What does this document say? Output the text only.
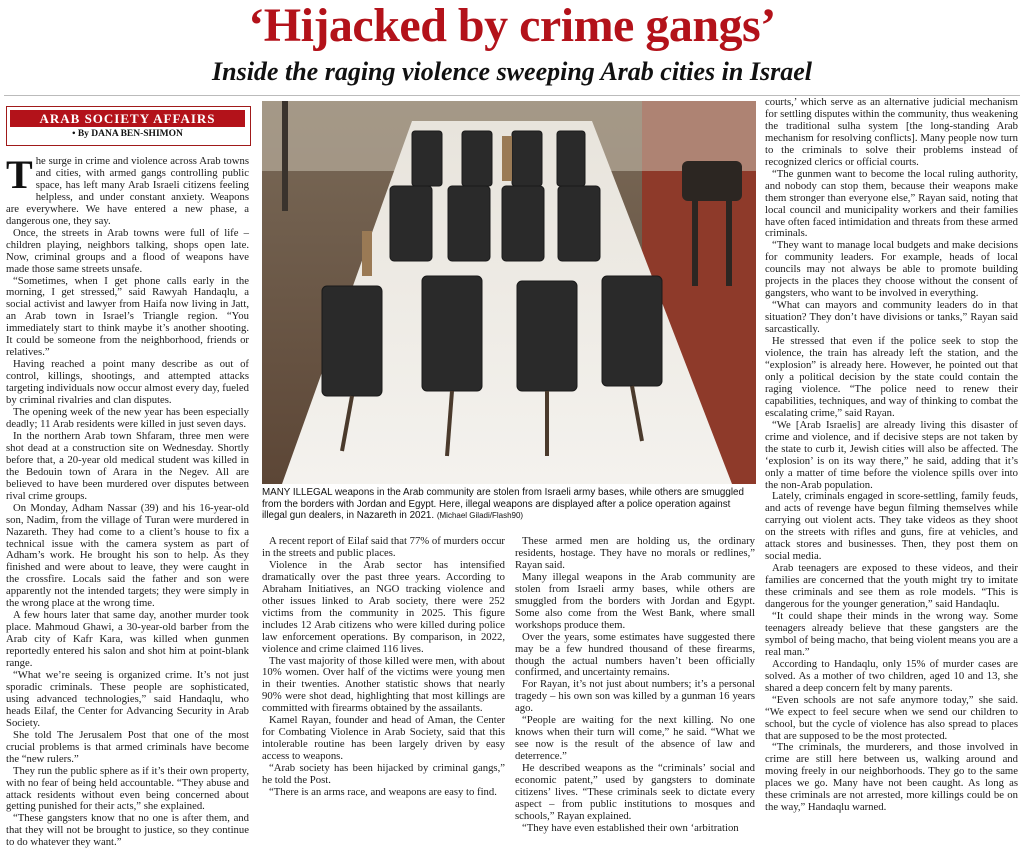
‘Hijacked by crime gangs’
Inside the raging violence sweeping Arab cities in Israel
ARAB SOCIETY AFFAIRS
• By DANA BEN-SHIMON

The surge in crime and violence across Arab towns and cities, with armed gangs controlling public space, has left many Arab Israeli citizens feeling helpless, and under constant anxiety. Weapons are everywhere. We have entered a new phase, a dangerous one, they say.

Once, the streets in Arab towns were full of life – children playing, neighbors talking, shops open late. Now, criminal groups and a flood of weapons have made those same streets unsafe.

“Sometimes, when I get phone calls early in the morning, I get stressed,” said Rawyah Handaqlu, a social activist and lawyer from Haifa now living in Jatt, an Arab town in Israel’s Triangle region. “You immediately start to think maybe it’s another shooting. It could be someone from the neighborhood, friends or relatives.”

Having reached a point many describe as out of control, killings, shootings, and attempted attacks targeting individuals now occur almost every day, fueled by criminal rivalries and clan disputes.

The opening week of the new year has been especially deadly; 11 Arab residents were killed in just seven days.

In the northern Arab town Shfaram, three men were shot dead at a construction site on Wednesday. Shortly before that, a 20-year old medical student was killed in the Bedouin town of Arara in the Negev. All are believed to have been murdered over disputes between rival crime groups.

On Monday, Adham Nassar (39) and his 16-year-old son, Nadim, from the village of Turan were murdered in Nazareth. They had come to a client’s house to fix a technical issue with the camera system as part of Adham’s work. He brought his son to help. As they finished and were about to leave, they were caught in the crossfire. Locals said the father and son were apparently not the intended targets; they were simply in the wrong place at the wrong time.

A few hours later that same day, another murder took place. Mahmoud Ghawi, a 30-year-old barber from the Arab city of Kafr Kara, was killed when gunmen reportedly entered his salon and shot him at point-blank range.

“What we’re seeing is organized crime. It’s not just sporadic criminals. These people are sophisticated, using advanced technologies,” said Handaqlu, who heads Eilaf, the Center for Advancing Security in Arab Society.

She told The Jerusalem Post that one of the most crucial problems is that armed criminals have become the “new rulers.”

They run the public sphere as if it’s their own property, with no fear of being held accountable. “They abuse and attack residents without even being concerned about getting punished for their acts,” she explained.

“These gangsters know that no one is after them, and that they will not be brought to justice, so they continue to do whatever they want.”

MANY ILLEGAL weapons in the Arab community are stolen from Israeli army bases, while others are smuggled from the borders with Jordan and Egypt. Here, illegal weapons are displayed after a police operation against illegal gun dealers, in Nazareth in 2021. (Michael Giladi/Flash90)

A recent report of Eilaf said that 77% of murders occur in the streets and public places.

Violence in the Arab sector has intensified dramatically over the past three years. According to Abraham Initiatives, an NGO tracking violence and other issues linked to Arab society, there were 252 victims from the community in 2025. This figure includes 12 Arab citizens who were killed during police law enforcement operations. By comparison, in 2022, violence and crime claimed 116 lives.

The vast majority of those killed were men, with about 10% women. Over half of the victims were young men in their twenties. Another statistic shows that nearly 90% were shot dead, highlighting that most killings are committed with firearms obtained by the assailants.

Kamel Rayan, founder and head of Aman, the Center for Combating Violence in Arab Society, said that this intolerable routine has been largely driven by easy access to weapons.

“Arab society has been hijacked by criminal gangs,” he told the Post.

“There is an arms race, and weapons are easy to find.

These armed men are holding us, the ordinary residents, hostage. They have no morals or redlines,” Rayan said.

Many illegal weapons in the Arab community are stolen from Israeli army bases, while others are smuggled from the borders with Jordan and Egypt. Some also come from the West Bank, where small workshops produce them.

Over the years, some estimates have suggested there may be a few hundred thousand of these firearms, though the actual numbers haven’t been officially confirmed, and uncertainty remains.

For Rayan, it’s not just about numbers; it’s a personal tragedy – his own son was killed by a gunman 16 years ago.

“People are waiting for the next killing. No one knows when their turn will come,” he said. “What we see now is the result of the absence of law and deterrence.”

He described weapons as the “criminals’ social and economic patent,” used by gangsters to dominate citizens’ lives. “These criminals seek to dictate every aspect – from public institutions to mosques and schools,” Rayan explained.

“They have even established their own ‘arbitration

courts,’ which serve as an alternative judicial mechanism for settling disputes within the community, thus weakening the traditional sulha system [the long-standing Arab mechanism for resolving conflicts]. Many people now turn to the criminals to solve their problems instead of recognized clerics or official courts.

“The gunmen want to become the local ruling authority, and nobody can stop them, because their weapons make them stronger than everyone else,” Rayan said, noting that local council and municipality workers and their families have often faced intimidation and threats from these armed criminals.

“They want to manage local budgets and make decisions for community leaders. For example, heads of local councils may not always be able to promote building projects in the places they choose without the consent of gangsters, who want to be involved in everything.

“What can mayors and community leaders do in that situation? They don’t have divisions or tanks,” Rayan said sarcastically.

He stressed that even if the police seek to stop the violence, the train has already left the station, and the “explosion” is already here. However, he pointed out that only a political decision by the state could contain the raging violence. “The police need to renew their capabilities, techniques, and way of thinking to combat the escalating crime,” said Rayan.

“We [Arab Israelis] are already living this disaster of crime and violence, and if decisive steps are not taken by the state to curb it, Jewish cities will also be affected. The ‘explosion’ is on its way there,” he said, adding that it’s only a matter of time before the violence spills over into the non-Arab population.

Lately, criminals engaged in score-settling, family feuds, and acts of revenge have begun filming themselves while carrying out violent acts. They take videos as they shoot on the streets with rifles and guns, fire at vehicles, and attack stores and businesses. Then, they post them on social media.

Arab teenagers are exposed to these videos, and their families are concerned that the youth might try to imitate these criminals and see them as role models. “This is dangerous for the younger generation,” said Handaqlu.

“It could shape their minds in the wrong way. Some teenagers already believe that these gangsters are the symbol of being macho, that being violent means you are a real man.”

According to Handaqlu, only 15% of murder cases are solved. As a mother of two children, aged 10 and 13, she shared a deep concern felt by many parents.

“Even schools are not safe anymore today,” she said. “We expect to feel secure when we send our children to school, but the cycle of violence has also spread to places that are supposed to be the most protected.

“The criminals, the murderers, and those involved in crime are still here between us, walking around and moving freely in our neighborhoods. They go to the same places we go. Many have not been caught. As long as these criminals are not arrested, more killings could be on the way,” Handaqlu warned.
